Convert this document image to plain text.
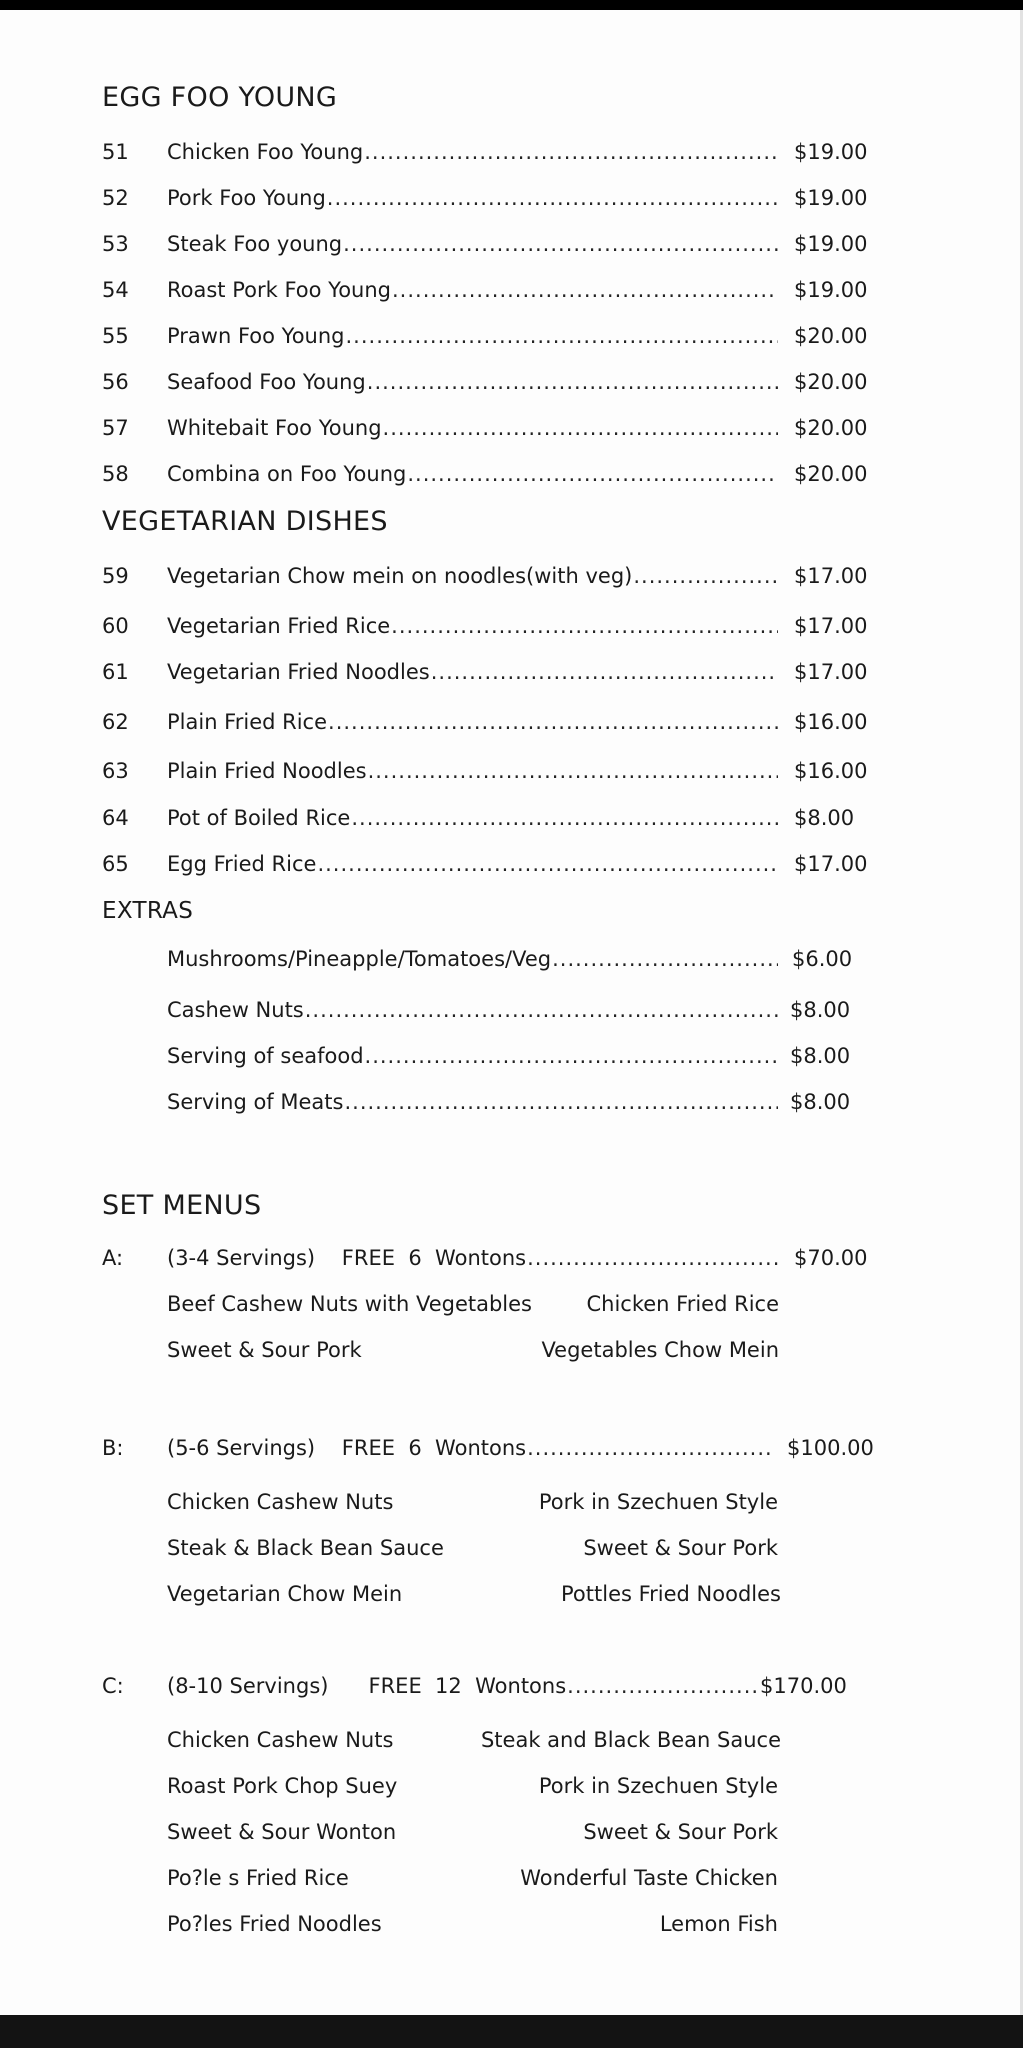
EGG FOO YOUNG
51 Chicken Foo Young .....	$19.00
52 Pork Foo Young .....	$19.00
53 Steak Foo young .....	$19.00
54 Roast Pork Foo Young .....	$19.00
55 Prawn Foo Young .....	$20.00
56 Seafood Foo Young .....	$20.00
57 Whitebait Foo Young .....	$20.00
58 Combina on Foo Young .....	$20.00
VEGETARIAN DISHES
59 Vegetarian Chow mein on noodles(with veg) .....	$17.00
60 Vegetarian Fried Rice .....	$17.00
61 Vegetarian Fried Noodles .....	$17.00
62 Plain Fried Rice .....	$16.00
63 Plain Fried Noodles .....	$16.00
64 Pot of Boiled Rice .....	$8.00
65 Egg Fried Rice .....	$17.00
EXTRAS
Mushrooms/Pineapple/Tomatoes/Veg .....	$6.00
Cashew Nuts .....	$8.00
Serving of seafood .....	$8.00
Serving of Meats .....	$8.00
SET MENUS
A: (3-4 Servings)    FREE  6  Wontons .....	$70.00
Beef Cashew Nuts with Vegetables	Chicken Fried Rice
Sweet & Sour Pork	Vegetables Chow Mein
B: (5-6 Servings)    FREE  6  Wontons .....	$100.00
Chicken Cashew Nuts	Pork in Szechuen Style
Steak & Black Bean Sauce	Sweet & Sour Pork
Vegetarian Chow Mein	Pottles Fried Noodles
C: (8-10 Servings)      FREE  12  Wontons .....	$170.00
Chicken Cashew Nuts	Steak and Black Bean Sauce
Roast Pork Chop Suey	Pork in Szechuen Style
Sweet & Sour Wonton	Sweet & Sour Pork
Po?le s Fried Rice	Wonderful Taste Chicken
Po?les Fried Noodles	Lemon Fish
